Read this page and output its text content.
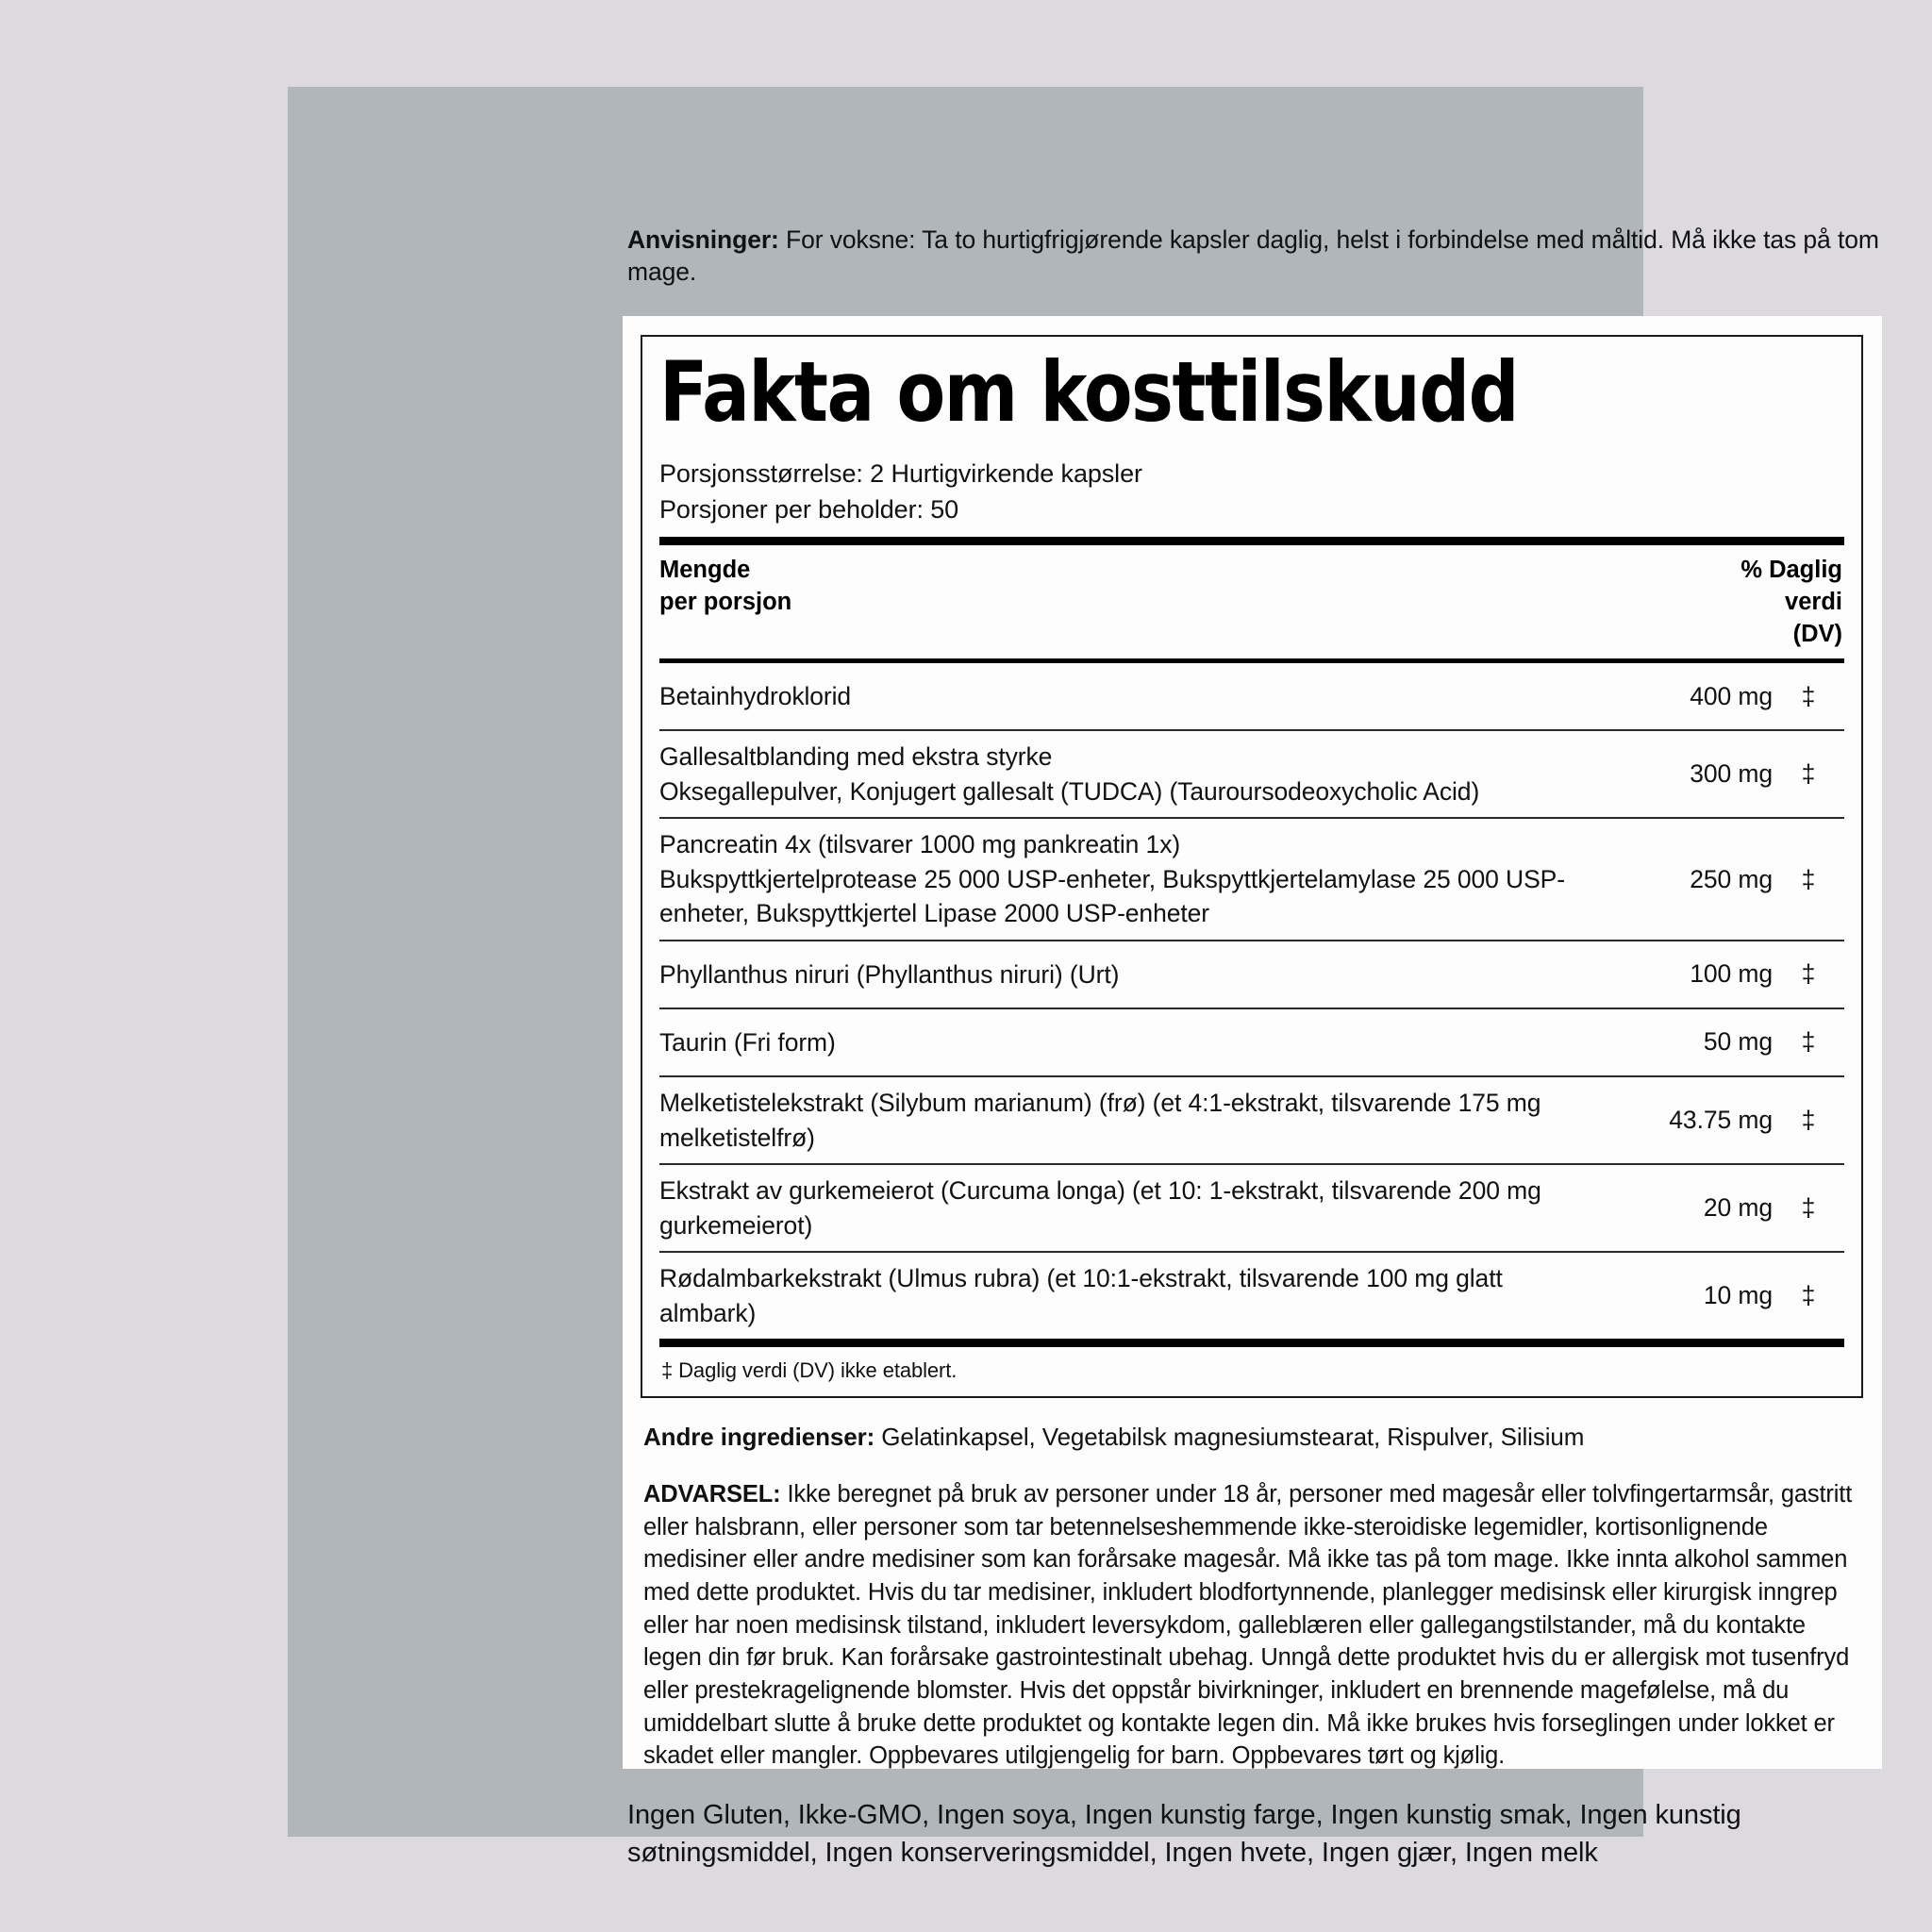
Anvisninger: For voksne: Ta to hurtigfrigjørende kapsler daglig, helst i forbindelse med måltid. Må ikke tas på tom mage.
Fakta om kosttilskudd
Porsjonsstørrelse: 2 Hurtigvirkende kapsler
Porsjoner per beholder: 50
Mengde
per porsjon
% Daglig
verdi
(DV)
Betainhydroklorid	400 mg	‡
Gallesaltblanding med ekstra styrke
Oksegallepulver, Konjugert gallesalt (TUDCA) (Tauroursodeoxycholic Acid)
300 mg	‡
Pancreatin 4x (tilsvarer 1000 mg pankreatin 1x)
Bukspyttkjertelprotease 25 000 USP-enheter, Bukspyttkjertelamylase 25 000 USP-enheter, Bukspyttkjertel Lipase 2000 USP-enheter
250 mg	‡
Phyllanthus niruri (Phyllanthus niruri) (Urt)	100 mg	‡
Taurin (Fri form)	50 mg	‡
Melketistelekstrakt (Silybum marianum) (frø) (et 4:1-ekstrakt, tilsvarende 175 mg melketistelfrø)
43.75 mg	‡
Ekstrakt av gurkemeierot (Curcuma longa) (et 10: 1-ekstrakt, tilsvarende 200 mg gurkemeierot)
20 mg	‡
Rødalmbarkekstrakt (Ulmus rubra) (et 10:1-ekstrakt, tilsvarende 100 mg glatt almbark)
10 mg	‡
‡ Daglig verdi (DV) ikke etablert.
Andre ingredienser: Gelatinkapsel, Vegetabilsk magnesiumstearat, Rispulver, Silisium
ADVARSEL: Ikke beregnet på bruk av personer under 18 år, personer med magesår eller tolvfingertarmsår, gastritt eller halsbrann, eller personer som tar betennelseshemmende ikke-steroidiske legemidler, kortisonlignende medisiner eller andre medisiner som kan forårsake magesår. Må ikke tas på tom mage. Ikke innta alkohol sammen med dette produktet. Hvis du tar medisiner, inkludert blodfortynnende, planlegger medisinsk eller kirurgisk inngrep eller har noen medisinsk tilstand, inkludert leversykdom, galleblæren eller gallegangstilstander, må du kontakte legen din før bruk. Kan forårsake gastrointestinalt ubehag. Unngå dette produktet hvis du er allergisk mot tusenfryd eller prestekragelignende blomster. Hvis det oppstår bivirkninger, inkludert en brennende magefølelse, må du umiddelbart slutte å bruke dette produktet og kontakte legen din. Må ikke brukes hvis forseglingen under lokket er skadet eller mangler. Oppbevares utilgjengelig for barn. Oppbevares tørt og kjølig.
Ingen Gluten, Ikke-GMO, Ingen soya, Ingen kunstig farge, Ingen kunstig smak, Ingen kunstig søtningsmiddel, Ingen konserveringsmiddel, Ingen hvete, Ingen gjær, Ingen melk
